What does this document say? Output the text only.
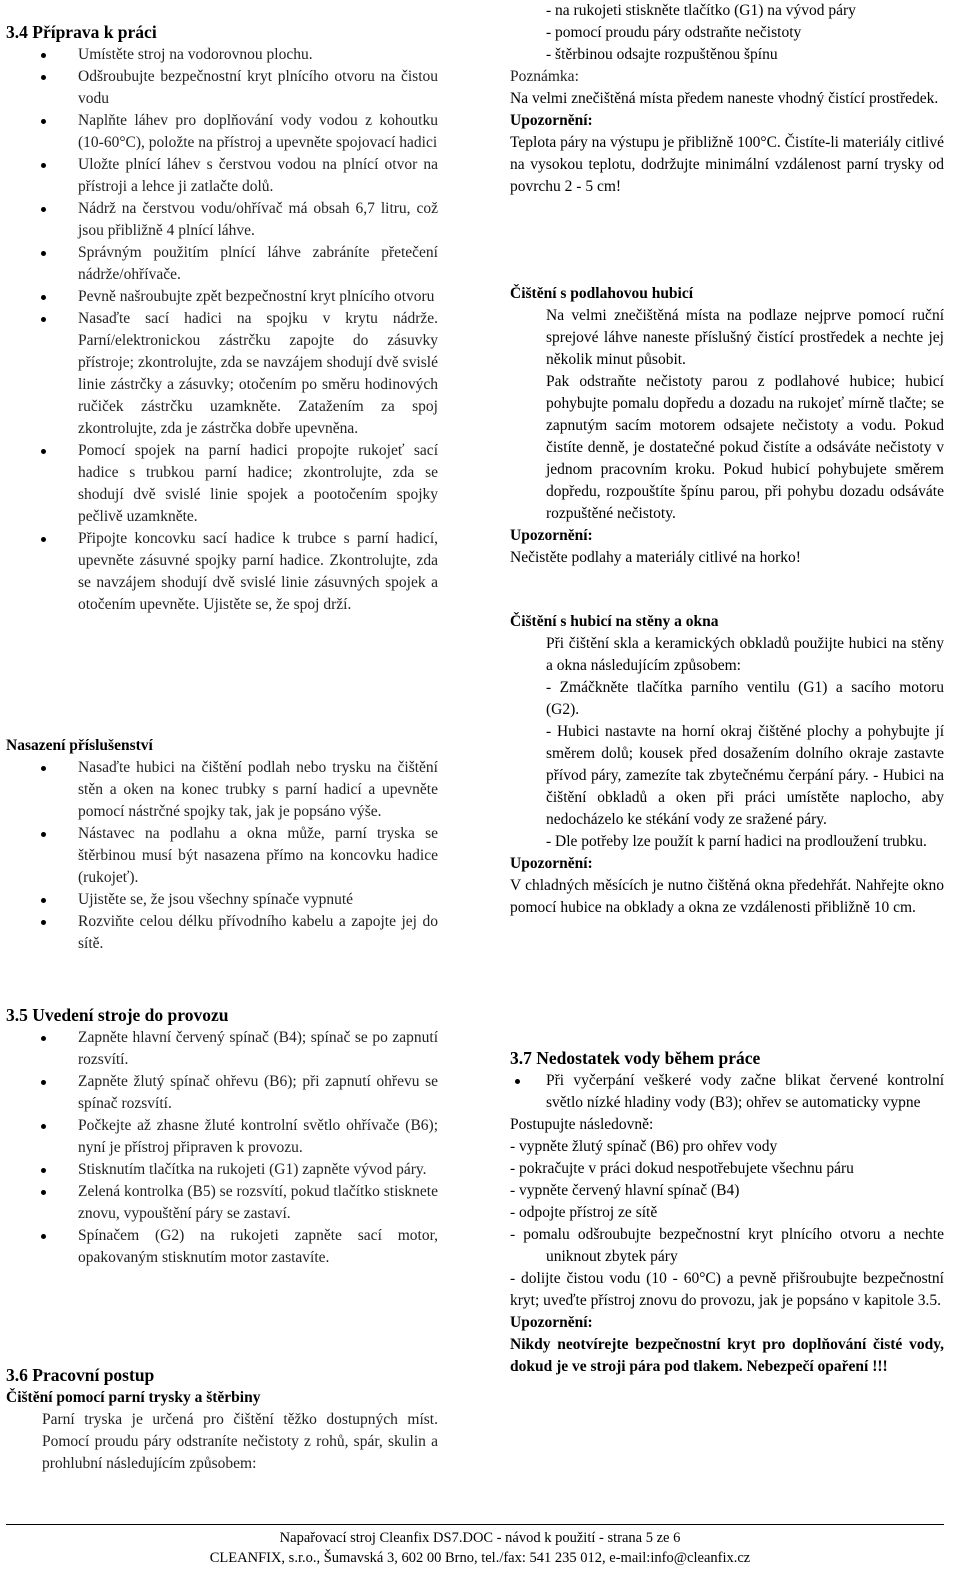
3.4 Příprava k práci
Umístěte stroj na vodorovnou plochu.
Odšroubujte bezpečnostní kryt plnícího otvoru na čistou vodu
Naplňte láhev pro doplňování vody vodou z kohoutku (10-60°C), položte na přístroj a upevněte spojovací hadici
Uložte plnící láhev s čerstvou vodou na plnící otvor na přístroji a lehce ji zatlačte dolů.
Nádrž na čerstvou vodu/ohřívač má obsah 6,7 litru, což jsou přibližně 4 plnící láhve.
Správným použitím plnící láhve zabráníte přetečení nádrže/ohřívače.
Pevně našroubujte zpět bezpečnostní kryt plnícího otvoru
Nasaďte sací hadici na spojku v krytu nádrže. Parní/elektronickou zástrčku zapojte do zásuvky přístroje; zkontrolujte, zda se navzájem shodují dvě svislé linie zástrčky a zásuvky; otočením po směru hodinových ručiček zástrčku uzamkněte. Zatažením za spoj zkontrolujte, zda je zástrčka dobře upevněna.
Pomocí spojek na parní hadici propojte rukojeť sací hadice s trubkou parní hadice; zkontrolujte, zda se shodují dvě svislé linie spojek a pootočením spojky pečlivě uzamkněte.
Připojte koncovku sací hadice k trubce s parní hadicí, upevněte zásuvné spojky parní hadice. Zkontrolujte, zda se navzájem shodují dvě svislé linie zásuvných spojek a otočením upevněte. Ujistěte se, že spoj drží.
Nasazení příslušenství
Nasaďte hubici na čištění podlah nebo trysku na čištění stěn a oken na konec trubky s parní hadicí a upevněte pomocí nástrčné spojky tak, jak je popsáno výše.
Nástavec na podlahu a okna může, parní tryska se štěrbinou musí být nasazena přímo na koncovku hadice (rukojeť).
Ujistěte se, že jsou všechny spínače vypnuté
Rozviňte celou délku přívodního kabelu a zapojte jej do sítě.
3.5 Uvedení stroje do provozu
Zapněte hlavní červený spínač (B4); spínač se po zapnutí rozsvítí.
Zapněte žlutý spínač ohřevu (B6); při zapnutí ohřevu se spínač rozsvítí.
Počkejte až zhasne žluté kontrolní světlo ohřívače (B6); nyní je přístroj připraven k provozu.
Stisknutím tlačítka na rukojeti (G1) zapněte vývod páry.
Zelená kontrolka (B5) se rozsvítí, pokud tlačítko stisknete znovu, vypouštění páry se zastaví.
Spínačem (G2) na rukojeti zapněte sací motor, opakovaným stisknutím motor zastavíte.
3.6 Pracovní postup
Čištění pomocí parní trysky a štěrbiny

Parní tryska je určená pro čištění těžko dostupných míst. Pomocí proudu páry odstraníte nečistoty z rohů, spár, skulin a prohlubní následujícím způsobem:

- na rukojeti stiskněte tlačítko (G1) na vývod páry

- pomocí proudu páry odstraňte nečistoty

- štěrbinou odsajte rozpuštěnou špínu

Poznámka:

Na velmi znečištěná místa předem naneste vhodný čistící prostředek.

Upozornění:

Teplota páry na výstupu je přibližně 100°C. Čistíte-li materiály citlivé na vysokou teplotu, dodržujte minimální vzdálenost parní trysky od povrchu 2 - 5 cm!

Čištění s podlahovou hubicí

Na velmi znečištěná místa na podlaze nejprve pomocí ruční sprejové láhve naneste příslušný čistící prostředek a nechte jej několik minut působit.

Pak odstraňte nečistoty parou z podlahové hubice; hubicí pohybujte pomalu dopředu a dozadu na rukojeť mírně tlačte; se zapnutým sacím motorem odsajete nečistoty a vodu. Pokud čistíte denně, je dostatečné pokud čistíte a odsáváte nečistoty v jednom pracovním kroku. Pokud hubicí pohybujete směrem dopředu, rozpouštíte špínu parou, při pohybu dozadu odsáváte rozpuštěné nečistoty.

Upozornění:

Nečistěte podlahy a materiály citlivé na horko!

Čištění s hubicí na stěny a okna

Při čištění skla a keramických obkladů použijte hubici na stěny a okna následujícím způsobem:

- Zmáčkněte tlačítka parního ventilu (G1) a sacího motoru (G2).

- Hubici nastavte na horní okraj čištěné plochy a pohybujte jí směrem dolů; kousek před dosažením dolního okraje zastavte přívod páry, zamezíte tak zbytečnému čerpání páry. - Hubici na čištění obkladů a oken při práci umístěte naplocho, aby nedocházelo ke stékání vody ze sražené páry.

- Dle potřeby lze použít k parní hadici na prodloužení trubku.

Upozornění:

V chladných měsících je nutno čištěná okna předehřát. Nahřejte okno pomocí hubice na obklady a okna ze vzdálenosti přibližně 10 cm.

3.7 Nedostatek vody během práce
Při vyčerpání veškeré vody začne blikat červené kontrolní světlo nízké hladiny vody (B3); ohřev se automaticky vypne

Postupujte následovně:

- vypněte žlutý spínač (B6) pro ohřev vody

- pokračujte v práci dokud nespotřebujete všechnu páru

- vypněte červený hlavní spínač (B4)

- odpojte přístroj ze sítě

- pomalu odšroubujte bezpečnostní kryt plnícího otvoru a nechte uniknout zbytek páry

- dolijte čistou vodu (10 - 60°C) a pevně přišroubujte bezpečnostní kryt; uveďte přístroj znovu do provozu, jak je popsáno v kapitole 3.5.

Upozornění:

Nikdy neotvírejte bezpečnostní kryt pro doplňování čisté vody, dokud je ve stroji pára pod tlakem. Nebezpečí opaření !!!

Napařovací stroj Cleanfix DS7.DOC - návod k použití - strana 5 ze 6
CLEANFIX, s.r.o., Šumavská 3, 602 00 Brno, tel./fax: 541 235 012, e-mail:info@cleanfix.cz
